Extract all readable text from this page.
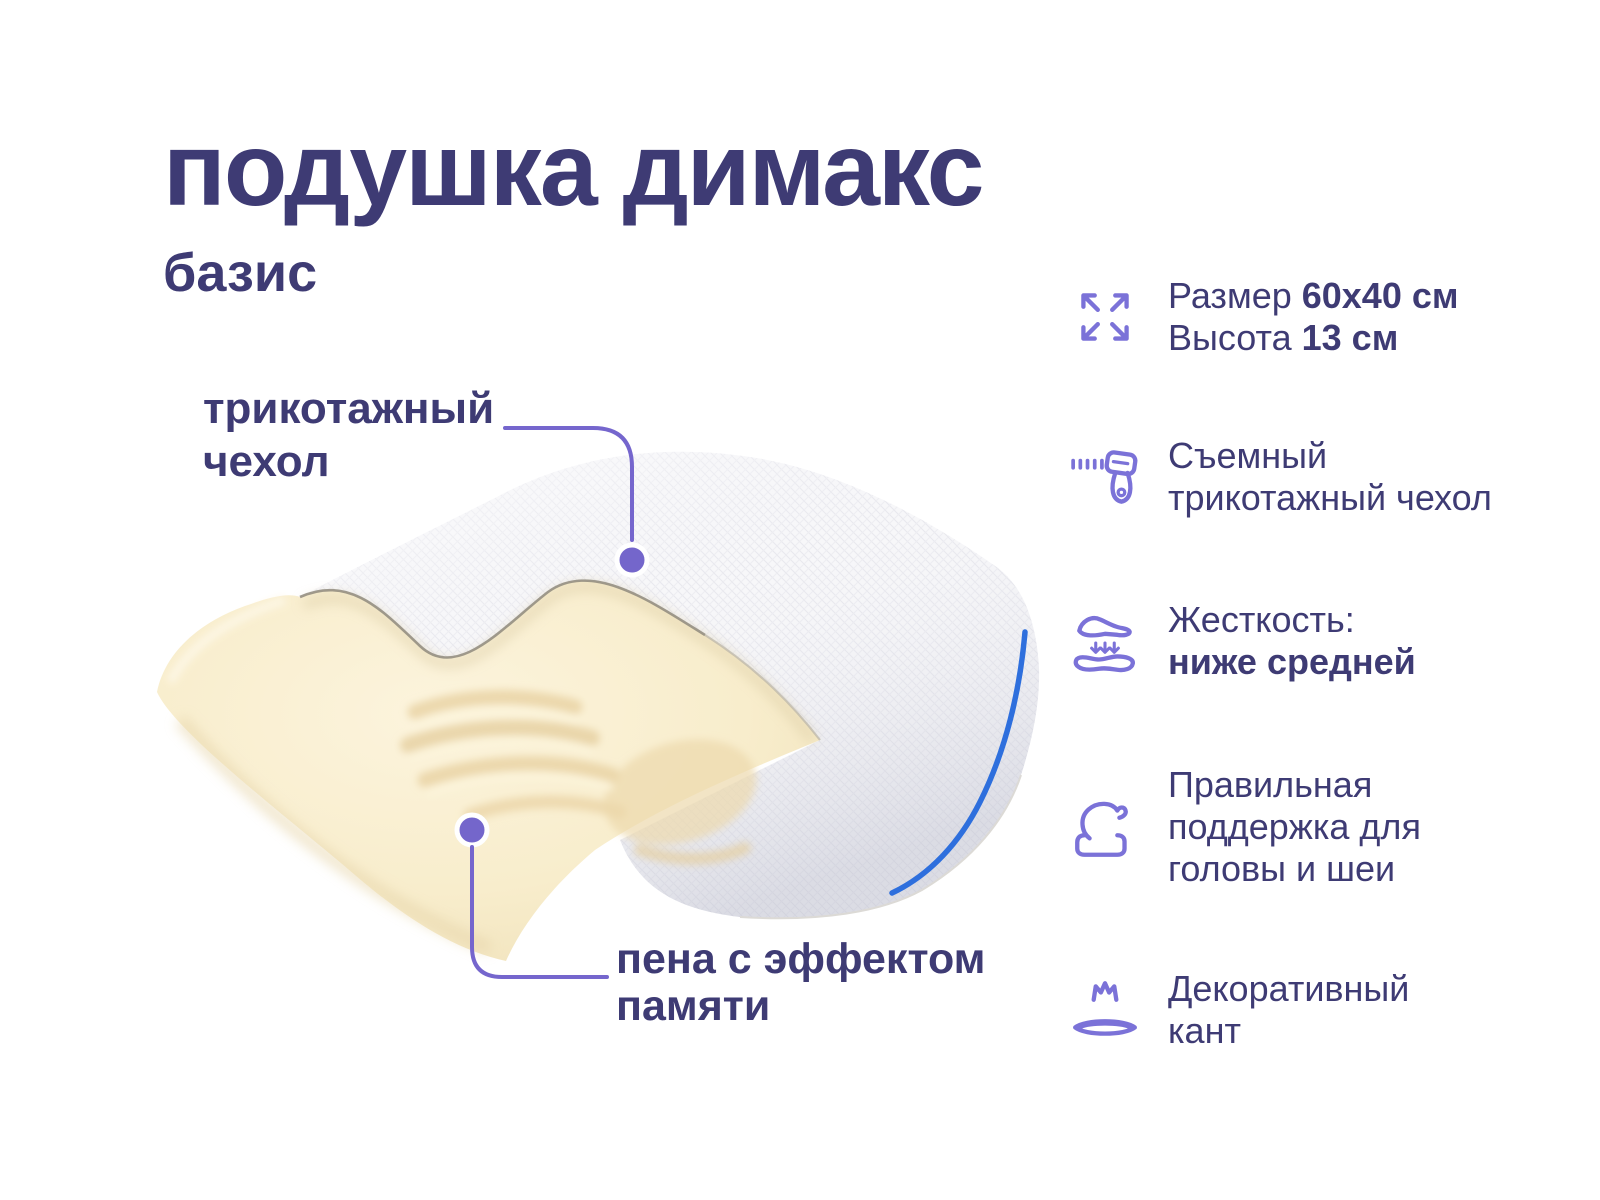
подушка димакс
базис
трикотажный
чехол
пена с эффектом
памяти
Размер 60x40 см
Высота 13 см
Съемный
трикотажный чехол
Жесткость:
ниже средней
Правильная
поддержка для
головы и шеи
Декоративный
кант
